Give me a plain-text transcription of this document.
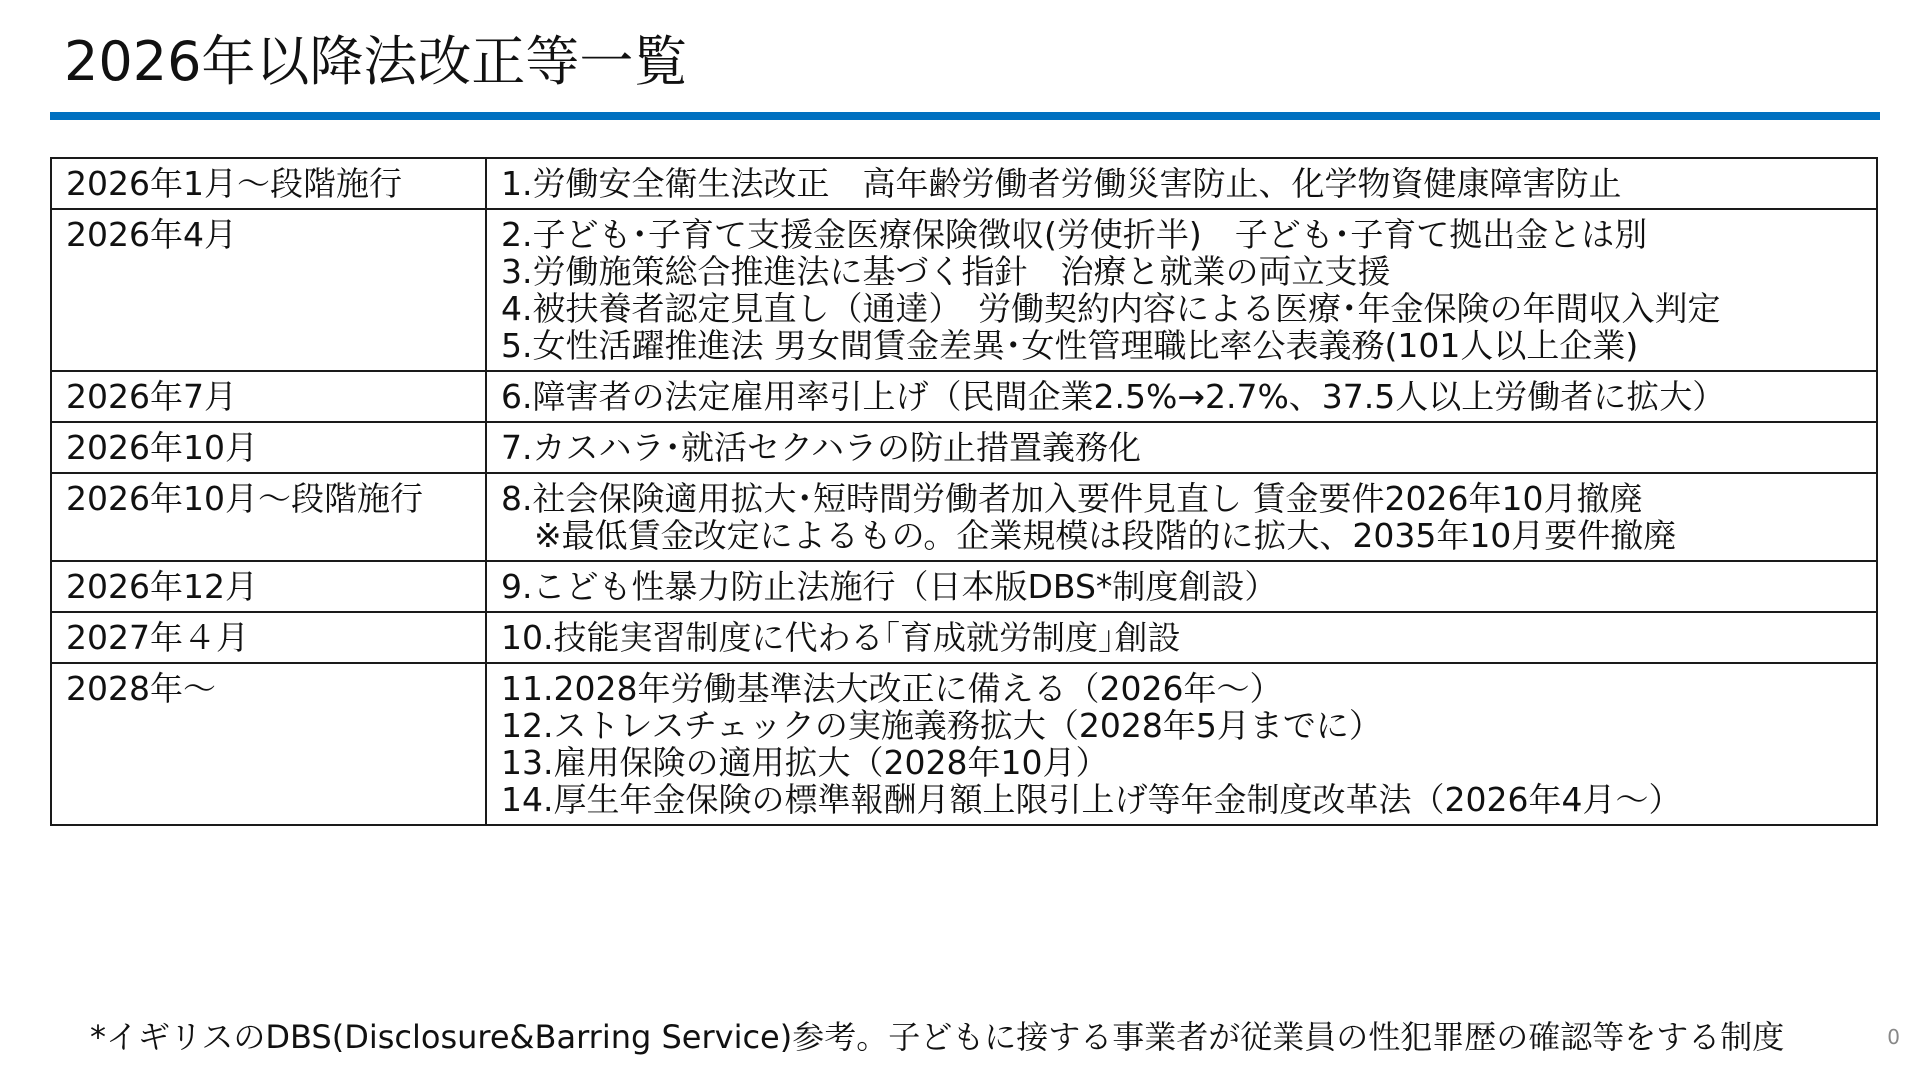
2026年以降法改正等一覧
2026年1月～段階施行	1.労働安全衛生法改正　高年齢労働者労働災害防止、化学物資健康障害防止

2026年4月	2.子ども･子育て支援金医療保険徴収(労使折半)　子ども･子育て拠出金とは別
3.労働施策総合推進法に基づく指針　治療と就業の両立支援
4.被扶養者認定見直し（通達）　労働契約内容による医療･年金保険の年間収入判定
5.女性活躍推進法 男女間賃金差異･女性管理職比率公表義務(101人以上企業)

2026年7月	6.障害者の法定雇用率引上げ（民間企業2.5%→2.7%、37.5人以上労働者に拡大）

2026年10月	7.カスハラ･就活セクハラの防止措置義務化

2026年10月～段階施行	8.社会保険適用拡大･短時間労働者加入要件見直し 賃金要件2026年10月撤廃
　※最低賃金改定によるもの。企業規模は段階的に拡大、2035年10月要件撤廃

2026年12月	9.こども性暴力防止法施行（日本版DBS*制度創設）

2027年４月	10.技能実習制度に代わる｢育成就労制度｣創設

2028年～	11.2028年労働基準法大改正に備える（2026年～）
12.ストレスチェックの実施義務拡大（2028年5月までに）
13.雇用保険の適用拡大（2028年10月）
14.厚生年金保険の標準報酬月額上限引上げ等年金制度改革法（2026年4月～）
*イギリスのDBS(Disclosure&Barring Service)参考。子どもに接する事業者が従業員の性犯罪歴の確認等をする制度	0
